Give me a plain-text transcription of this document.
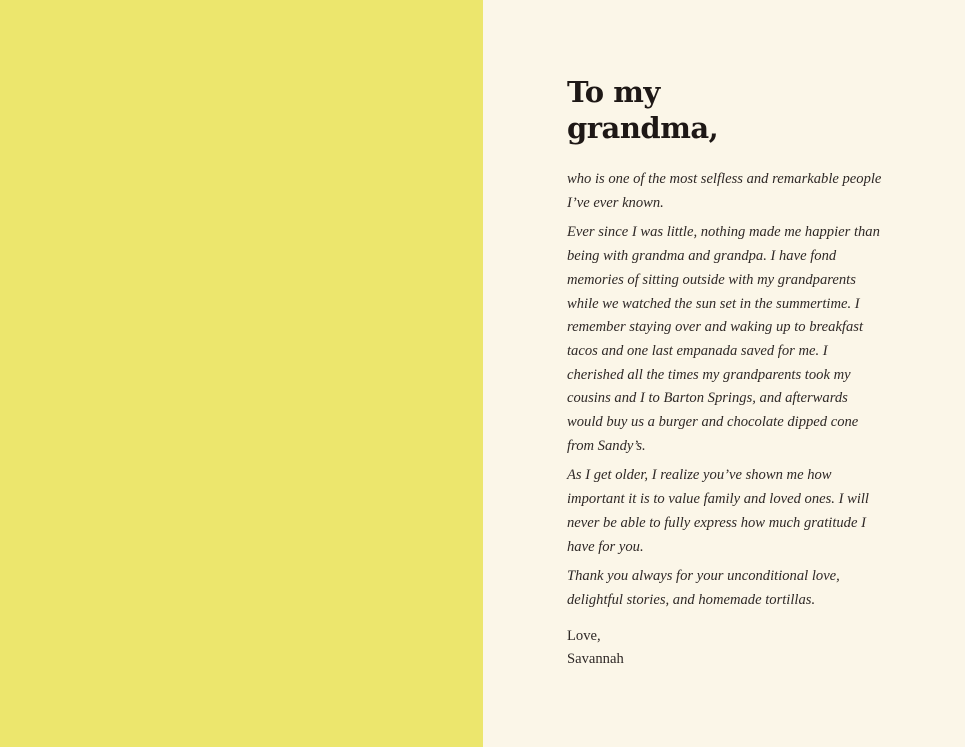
To my
grandma,

who is one of the most selfless and remarkable people I’ve ever known.

Ever since I was little, nothing made me happier than being with grandma and grandpa. I have fond memories of sitting outside with my grandparents while we watched the sun set in the summertime. I remember staying over and waking up to breakfast tacos and one last empanada saved for me. I cherished all the times my grandparents took my cousins and I to Barton Springs, and afterwards would buy us a burger and chocolate dipped cone from Sandy’s.

As I get older, I realize you’ve shown me how important it is to value family and loved ones. I will never be able to fully express how much gratitude I have for you.

Thank you always for your unconditional love, delightful stories, and homemade tortillas.

Love,
Savannah
